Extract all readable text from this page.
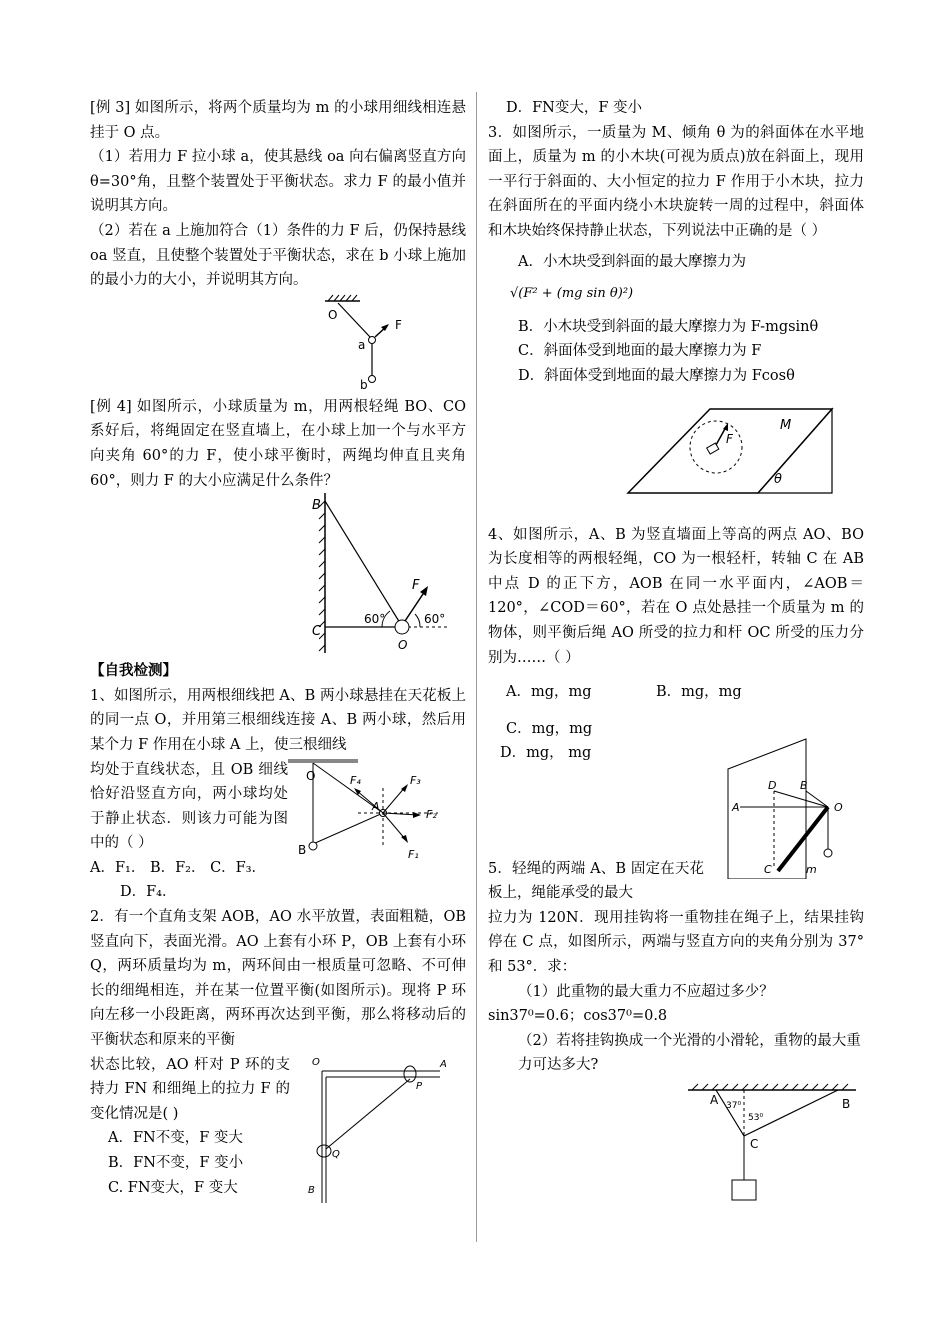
[例 3] 如图所示，将两个质量均为 m 的小球用细线相连悬挂于 O 点。

（1）若用力 F 拉小球 a，使其悬线 oa 向右偏离竖直方向 θ=30°角，且整个装置处于平衡状态。求力 F 的最小值并说明其方向。

（2）若在 a 上施加符合（1）条件的力 F 后，仍保持悬线 oa 竖直，且使整个装置处于平衡状态，求在 b 小球上施加的最小力的大小，并说明其方向。

O
F
a
b

[例 4] 如图所示，小球质量为 m，用两根轻绳 BO、CO 系好后，将绳固定在竖直墙上，在小球上加一个与水平方向夹角 60°的力 F，使小球平衡时，两绳均伸直且夹角 60°，则力 F 的大小应满足什么条件？

B
C
O
F
60°	60°

【自我检测】

1、如图所示，用两根细线把 A、B 两小球悬挂在天花板上的同一点 O，并用第三根细线连接 A、B 两小球，然后用某个力 F 作用在小球 A 上，使三根细线

均处于直线状态，且 OB 细线恰好沿竖直方向，两小球均处于静止状态．则该力可能为图中的（ ）

A．F₁． B．F₂． C．F₃．

D．F₄．

O
B
A
F₄	F₃
F₂
F₁

2．有一个直角支架 AOB，AO 水平放置，表面粗糙，OB 竖直向下，表面光滑。AO 上套有小环 P，OB 上套有小环 Q，两环质量均为 m，两环间由一根质量可忽略、不可伸长的细绳相连，并在某一位置平衡(如图所示)。现将 P 环向左移一小段距离，两环再次达到平衡，那么将移动后的平衡状态和原来的平衡

状态比较，AO 杆对 P 环的支持力 FN 和细绳上的拉力 F 的变化情况是( )

A．FN不变，F 变大

B．FN不变，F 变小

C. FN变大，F 变大

O	A
P
Q
B

D．FN变大，F 变小

3．如图所示，一质量为 M、倾角 θ 为的斜面体在水平地面上，质量为 m 的小木块(可视为质点)放在斜面上，现用一平行于斜面的、大小恒定的拉力 F 作用于小木块，拉力在斜面所在的平面内绕小木块旋转一周的过程中，斜面体和木块始终保持静止状态，下列说法中正确的是（ ）

A．小木块受到斜面的最大摩擦力为

√(F² + (mg sin θ)²)

B．小木块受到斜面的最大摩擦力为 F-mgsinθ

C．斜面体受到地面的最大摩擦力为 F

D．斜面体受到地面的最大摩擦力为 Fcosθ

M
F
θ

4、如图所示，A、B 为竖直墙面上等高的两点 AO、BO 为长度相等的两根轻绳，CO 为一根轻杆，转轴 C 在 AB 中点 D 的正下方，AOB 在同一水平面内，∠AOB＝120°，∠COD＝60°，若在 O 点处悬挂一个质量为 m 的物体，则平衡后绳 AO 所受的拉力和杆 OC 所受的压力分别为……（ ）

A．mg，mg	B．mg，mg

C．mg，mg

D．mg， mg

A
D B
O
C	m

5．轻绳的两端 A、B 固定在天花板上，绳能承受的最大

拉力为 120N．现用挂钩将一重物挂在绳子上，结果挂钩停在 C 点，如图所示，两端与竖直方向的夹角分别为 37°和 53°．求：

（1）此重物的最大重力不应超过多少？

sin37⁰=0.6；cos37⁰=0.8

（2）若将挂钩换成一个光滑的小滑轮，重物的最大重力可达多大?

A	B
C
37⁰
53⁰
